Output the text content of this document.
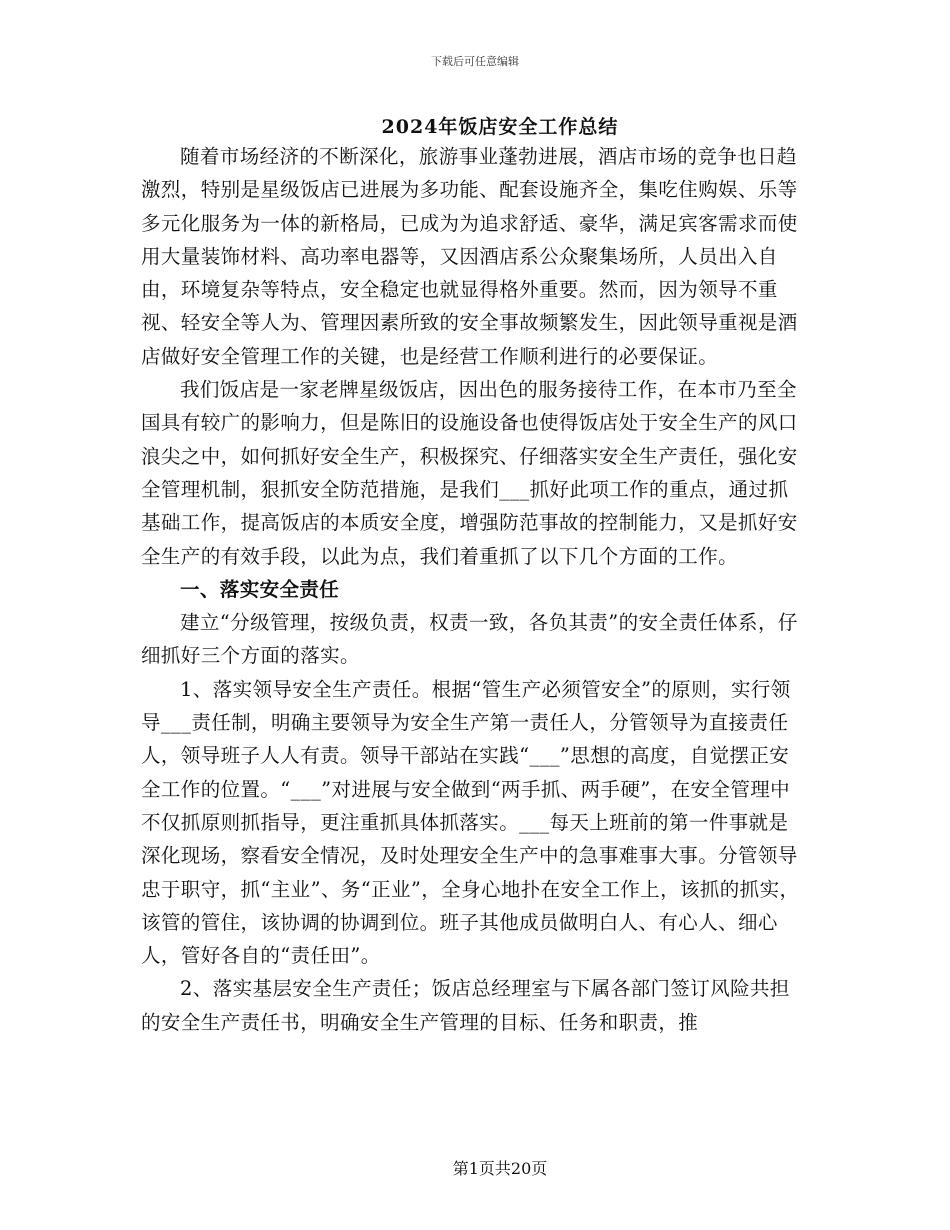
下载后可任意编辑
2024年饭店安全工作总结

随着市场经济的不断深化，旅游事业蓬勃进展，酒店市场的竞争也日趋激烈，特别是星级饭店已进展为多功能、配套设施齐全，集吃住购娱、乐等多元化服务为一体的新格局，已成为为追求舒适、豪华，满足宾客需求而使用大量装饰材料、高功率电器等，又因酒店系公众聚集场所，人员出入自由，环境复杂等特点，安全稳定也就显得格外重要。然而，因为领导不重视、轻安全等人为、管理因素所致的安全事故频繁发生，因此领导重视是酒店做好安全管理工作的关键，也是经营工作顺利进行的必要保证。

我们饭店是一家老牌星级饭店，因出色的服务接待工作，在本市乃至全国具有较广的影响力，但是陈旧的设施设备也使得饭店处于安全生产的风口浪尖之中，如何抓好安全生产，积极探究、仔细落实安全生产责任，强化安全管理机制，狠抓安全防范措施，是我们___抓好此项工作的重点，通过抓基础工作，提高饭店的本质安全度，增强防范事故的控制能力，又是抓好安全生产的有效手段，以此为点，我们着重抓了以下几个方面的工作。

一、落实安全责任

建立“分级管理，按级负责，权责一致，各负其责”的安全责任体系，仔细抓好三个方面的落实。

1、落实领导安全生产责任。根据“管生产必须管安全”的原则，实行领导___责任制，明确主要领导为安全生产第一责任人，分管领导为直接责任人，领导班子人人有责。领导干部站在实践“___”思想的高度，自觉摆正安全工作的位置。“___”对进展与安全做到“两手抓、两手硬”，在安全管理中不仅抓原则抓指导，更注重抓具体抓落实。___每天上班前的第一件事就是深化现场，察看安全情况，及时处理安全生产中的急事难事大事。分管领导忠于职守，抓“主业”、务“正业”，全身心地扑在安全工作上，该抓的抓实，该管的管住，该协调的协调到位。班子其他成员做明白人、有心人、细心人，管好各自的“责任田”。

2、落实基层安全生产责任；饭店总经理室与下属各部门签订风险共担的安全生产责任书，明确安全生产管理的目标、任务和职责，推

第1页共20页
